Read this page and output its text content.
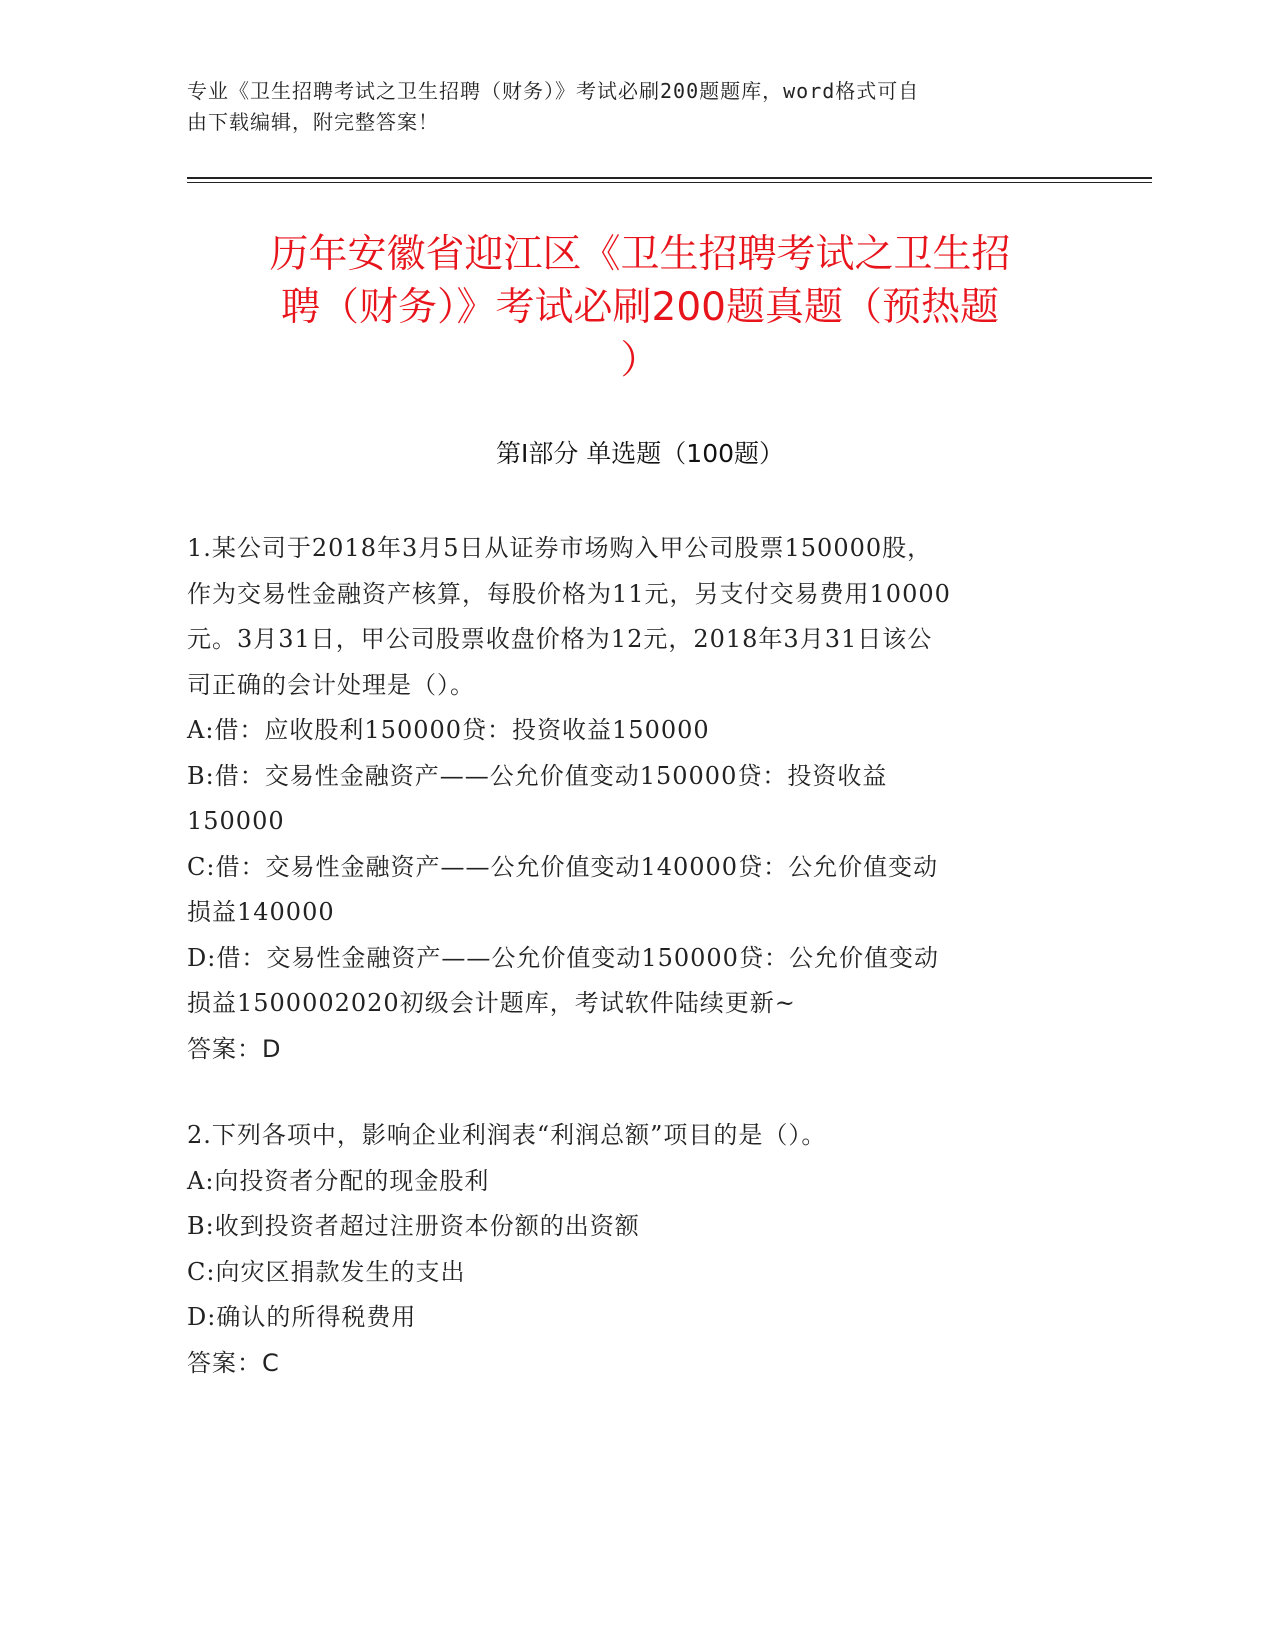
专业《卫生招聘考试之卫生招聘（财务）》考试必刷200题题库，word格式可自
由下载编辑，附完整答案！
历年安徽省迎江区《卫生招聘考试之卫生招
聘（财务）》考试必刷200题真题（预热题
）
第Ⅰ部分 单选题（100题）
1.某公司于2018年3月5日从证券市场购入甲公司股票150000股，
作为交易性金融资产核算，每股价格为11元，另支付交易费用10000
元。3月31日，甲公司股票收盘价格为12元，2018年3月31日该公
司正确的会计处理是（）。
A:借：应收股利150000贷：投资收益150000
B:借：交易性金融资产——公允价值变动150000贷：投资收益
150000
C:借：交易性金融资产——公允价值变动140000贷：公允价值变动
损益140000
D:借：交易性金融资产——公允价值变动150000贷：公允价值变动
损益1500002020初级会计题库，考试软件陆续更新~
答案：D
2.下列各项中，影响企业利润表“利润总额”项目的是（）。
A:向投资者分配的现金股利
B:收到投资者超过注册资本份额的出资额
C:向灾区捐款发生的支出
D:确认的所得税费用
答案：C
